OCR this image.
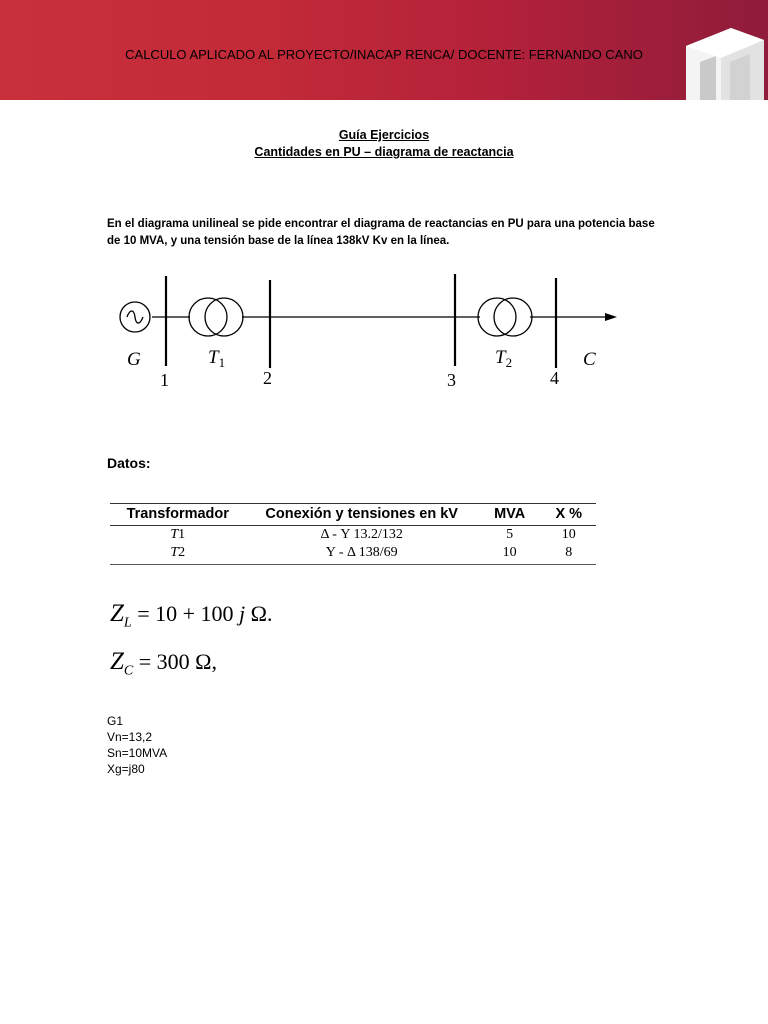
CALCULO APLICADO AL PROYECTO/INACAP RENCA/ DOCENTE: FERNANDO CANO
Guía Ejercicios
Cantidades en PU – diagrama de reactancia
En el diagrama unilineal se pide encontrar el diagrama de reactancias en PU para una potencia base de 10 MVA, y una tensión base de la línea 138kV Kv en la línea.
G	$T_1$	$T_2$	C
1	2	3	4
Datos:
Transformador	Conexión y tensiones en kV	MVA	X %
T1	Δ - Y 13.2/132	5	10
T2	Y - Δ 138/69	10	8
$Z_L = 10 + 100$ j Ω.
$Z_C = 300$ Ω,
G1
Vn=13,2
Sn=10MVA
Xg=j80
